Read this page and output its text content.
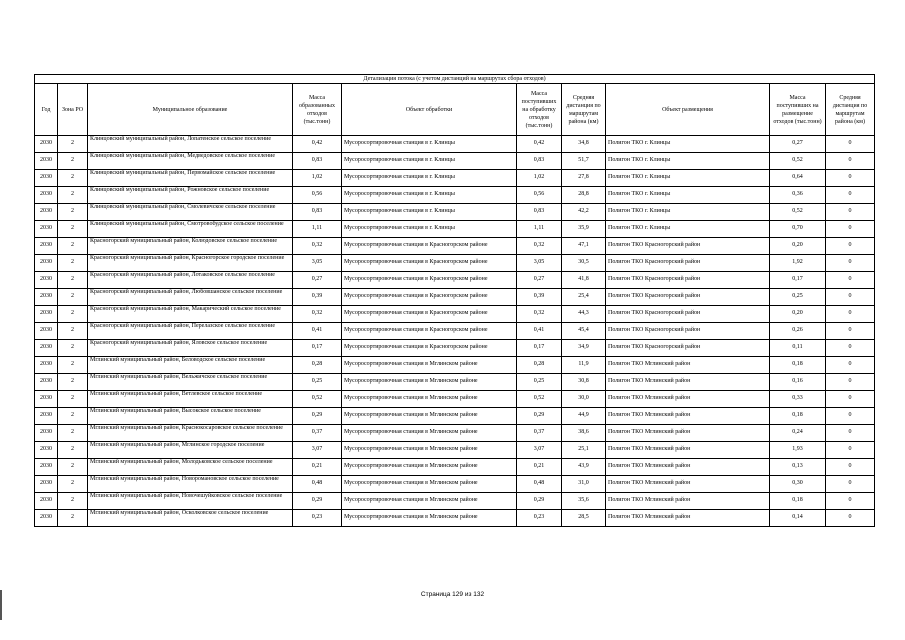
Детализация потока (с учетом дистанций на маршрутах сбора отходов)									
Год	Зона РО	Муниципальное образование	Масса образованных отходов (тыс.тонн)	Объект обработки	Масса поступивших на обработку отходов (тыс.тонн)	Средняя дистанция по маршрутам района (км)	Объект размещения	Масса поступивших на размещение отходов (тыс.тонн)	Средняя дистанция по маршрутам района (км)
2030	2	Клинцовский муниципальный район, Лопатенское сельское поселение	0,42	Мусоросортировочная станция в г. Клинцы	0,42	34,8	Полигон ТКО г. Клинцы	0,27	0
2030	2	Клинцовский муниципальный район, Медведовское сельское поселение	0,83	Мусоросортировочная станция в г. Клинцы	0,83	51,7	Полигон ТКО г. Клинцы	0,52	0
2030	2	Клинцовский муниципальный район, Первомайское сельское поселение	1,02	Мусоросортировочная станция в г. Клинцы	1,02	27,8	Полигон ТКО г. Клинцы	0,64	0
2030	2	Клинцовский муниципальный район, Рожновское сельское поселение	0,56	Мусоросортировочная станция в г. Клинцы	0,56	28,8	Полигон ТКО г. Клинцы	0,36	0
2030	2	Клинцовский муниципальный район, Смолевичское сельское поселение	0,83	Мусоросортировочная станция в г. Клинцы	0,83	42,2	Полигон ТКО г. Клинцы	0,52	0
2030	2	Клинцовский муниципальный район, Смотровобудское сельское поселение	1,11	Мусоросортировочная станция в г. Клинцы	1,11	35,9	Полигон ТКО г. Клинцы	0,70	0
2030	2	Красногорский муниципальный район, Колюдовское сельское поселение	0,32	Мусоросортировочная станция в Красногорском районе	0,32	47,1	Полигон ТКО Красногорский район	0,20	0
2030	2	Красногорский муниципальный район, Красногорское городское поселение	3,05	Мусоросортировочная станция в Красногорском районе	3,05	30,5	Полигон ТКО Красногорский район	1,92	0
2030	2	Красногорский муниципальный район, Лотаковское сельское поселение	0,27	Мусоросортировочная станция в Красногорском районе	0,27	41,8	Полигон ТКО Красногорский район	0,17	0
2030	2	Красногорский муниципальный район, Любовшанское сельское поселение	0,39	Мусоросортировочная станция в Красногорском районе	0,39	25,4	Полигон ТКО Красногорский район	0,25	0
2030	2	Красногорский муниципальный район, Макарический сельское поселение	0,32	Мусоросортировочная станция в Красногорском районе	0,32	44,3	Полигон ТКО Красногорский район	0,20	0
2030	2	Красногорский муниципальный район, Перелазское сельское поселение	0,41	Мусоросортировочная станция в Красногорском районе	0,41	45,4	Полигон ТКО Красногорский район	0,26	0
2030	2	Красногорский муниципальный район, Яловское сельское поселение	0,17	Мусоросортировочная станция в Красногорском районе	0,17	34,9	Полигон ТКО Красногорский район	0,11	0
2030	2	Мглинский муниципальный район, Беловодское сельское поселение	0,28	Мусоросортировочная станция в Мглинском районе	0,28	11,9	Полигон ТКО Мглинский район	0,18	0
2030	2	Мглинский муниципальный район, Вельжичское сельское поселение	0,25	Мусоросортировочная станция в Мглинском районе	0,25	30,8	Полигон ТКО Мглинский район	0,16	0
2030	2	Мглинский муниципальный район, Ветлевское сельское поселение	0,52	Мусоросортировочная станция в Мглинском районе	0,52	30,0	Полигон ТКО Мглинский район	0,33	0
2030	2	Мглинский муниципальный район, Высокское сельское поселение	0,29	Мусоросортировочная станция в Мглинском районе	0,29	44,9	Полигон ТКО Мглинский район	0,18	0
2030	2	Мглинский муниципальный район, Краснокосаровское сельское поселение	0,37	Мусоросортировочная станция в Мглинском районе	0,37	38,6	Полигон ТКО Мглинский район	0,24	0
2030	2	Мглинский муниципальный район, Мглинское городское поселение	3,07	Мусоросортировочная станция в Мглинском районе	3,07	25,1	Полигон ТКО Мглинский район	1,93	0
2030	2	Мглинский муниципальный район, Молодьковское сельское поселение	0,21	Мусоросортировочная станция в Мглинском районе	0,21	43,9	Полигон ТКО Мглинский район	0,13	0
2030	2	Мглинский муниципальный район, Новоромановское сельское поселение	0,48	Мусоросортировочная станция в Мглинском районе	0,48	31,0	Полигон ТКО Мглинский район	0,30	0
2030	2	Мглинский муниципальный район, Новочешуйковское сельское поселение	0,29	Мусоросортировочная станция в Мглинском районе	0,29	35,6	Полигон ТКО Мглинский район	0,18	0
2030	2	Мглинский муниципальный район, Осколковское сельское поселение	0,23	Мусоросортировочная станция в Мглинском районе	0,23	28,5	Полигон ТКО Мглинский район	0,14	0
Страница 129 из 132
